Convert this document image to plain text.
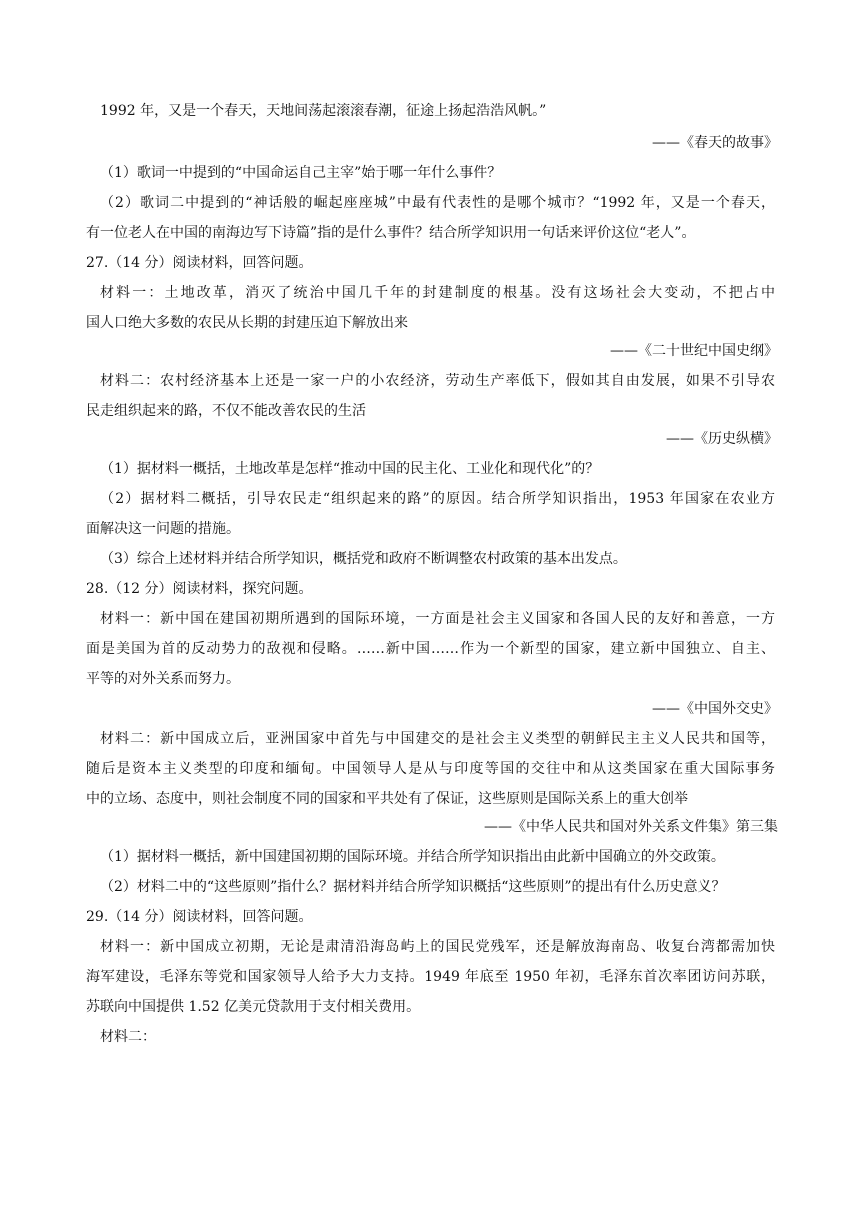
1992 年，又是一个春天，天地间荡起滚滚春潮，征途上扬起浩浩风帆。”
——《春天的故事》
（1）歌词一中提到的“中国命运自己主宰”始于哪一年什么事件？
（2）歌词二中提到的“神话般的崛起座座城”中最有代表性的是哪个城市？“1992 年，又是一个春天，
有一位老人在中国的南海边写下诗篇”指的是什么事件？结合所学知识用一句话来评价这位“老人”。
27.（14 分）阅读材料，回答问题。
材料一：土地改革，消灭了统治中国几千年的封建制度的根基。没有这场社会大变动，不把占中
国人口绝大多数的农民从长期的封建压迫下解放出来
——《二十世纪中国史纲》
材料二：农村经济基本上还是一家一户的小农经济，劳动生产率低下，假如其自由发展，如果不引导农
民走组织起来的路，不仅不能改善农民的生活
——《历史纵横》
（1）据材料一概括，土地改革是怎样“推动中国的民主化、工业化和现代化”的？
（2）据材料二概括，引导农民走“组织起来的路”的原因。结合所学知识指出，1953 年国家在农业方
面解决这一问题的措施。
（3）综合上述材料并结合所学知识，概括党和政府不断调整农村政策的基本出发点。
28.（12 分）阅读材料，探究问题。
材料一：新中国在建国初期所遇到的国际环境，一方面是社会主义国家和各国人民的友好和善意，一方
面是美国为首的反动势力的敌视和侵略。……新中国……作为一个新型的国家，建立新中国独立、自主、
平等的对外关系而努力。
——《中国外交史》
材料二：新中国成立后，亚洲国家中首先与中国建交的是社会主义类型的朝鲜民主主义人民共和国等，
随后是资本主义类型的印度和缅甸。中国领导人是从与印度等国的交往中和从这类国家在重大国际事务
中的立场、态度中，则社会制度不同的国家和平共处有了保证，这些原则是国际关系上的重大创举
——《中华人民共和国对外关系文件集》第三集
（1）据材料一概括，新中国建国初期的国际环境。并结合所学知识指出由此新中国确立的外交政策。
（2）材料二中的“这些原则”指什么？据材料并结合所学知识概括“这些原则”的提出有什么历史意义？
29.（14 分）阅读材料，回答问题。
材料一：新中国成立初期，无论是肃清沿海岛屿上的国民党残军，还是解放海南岛、收复台湾都需加快
海军建设，毛泽东等党和国家领导人给予大力支持。1949 年底至 1950 年初，毛泽东首次率团访问苏联，
苏联向中国提供 1.52 亿美元贷款用于支付相关费用。
材料二：
